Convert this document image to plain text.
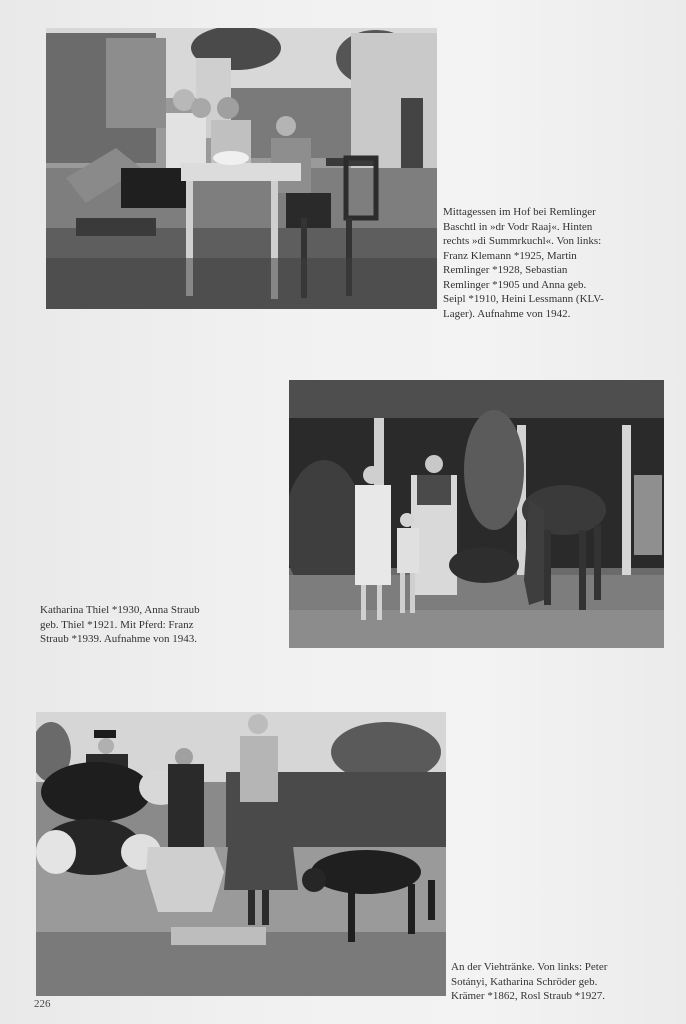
Mittagessen im Hof bei Remlinger
Baschtl in »dr Vodr Raaj«. Hinten
rechts »di Summrkuchl«. Von links:
Franz Klemann *1925, Martin
Remlinger *1928, Sebastian
Remlinger *1905 und Anna geb.
Seipl *1910, Heini Lessmann (KLV-
Lager). Aufnahme von 1942.

Katharina Thiel *1930, Anna Straub
geb. Thiel *1921. Mit Pferd: Franz
Straub *1939. Aufnahme von 1943.

An der Viehtränke. Von links: Peter
Sotányi, Katharina Schröder geb.
Krämer *1862, Rosl Straub *1927.

226
